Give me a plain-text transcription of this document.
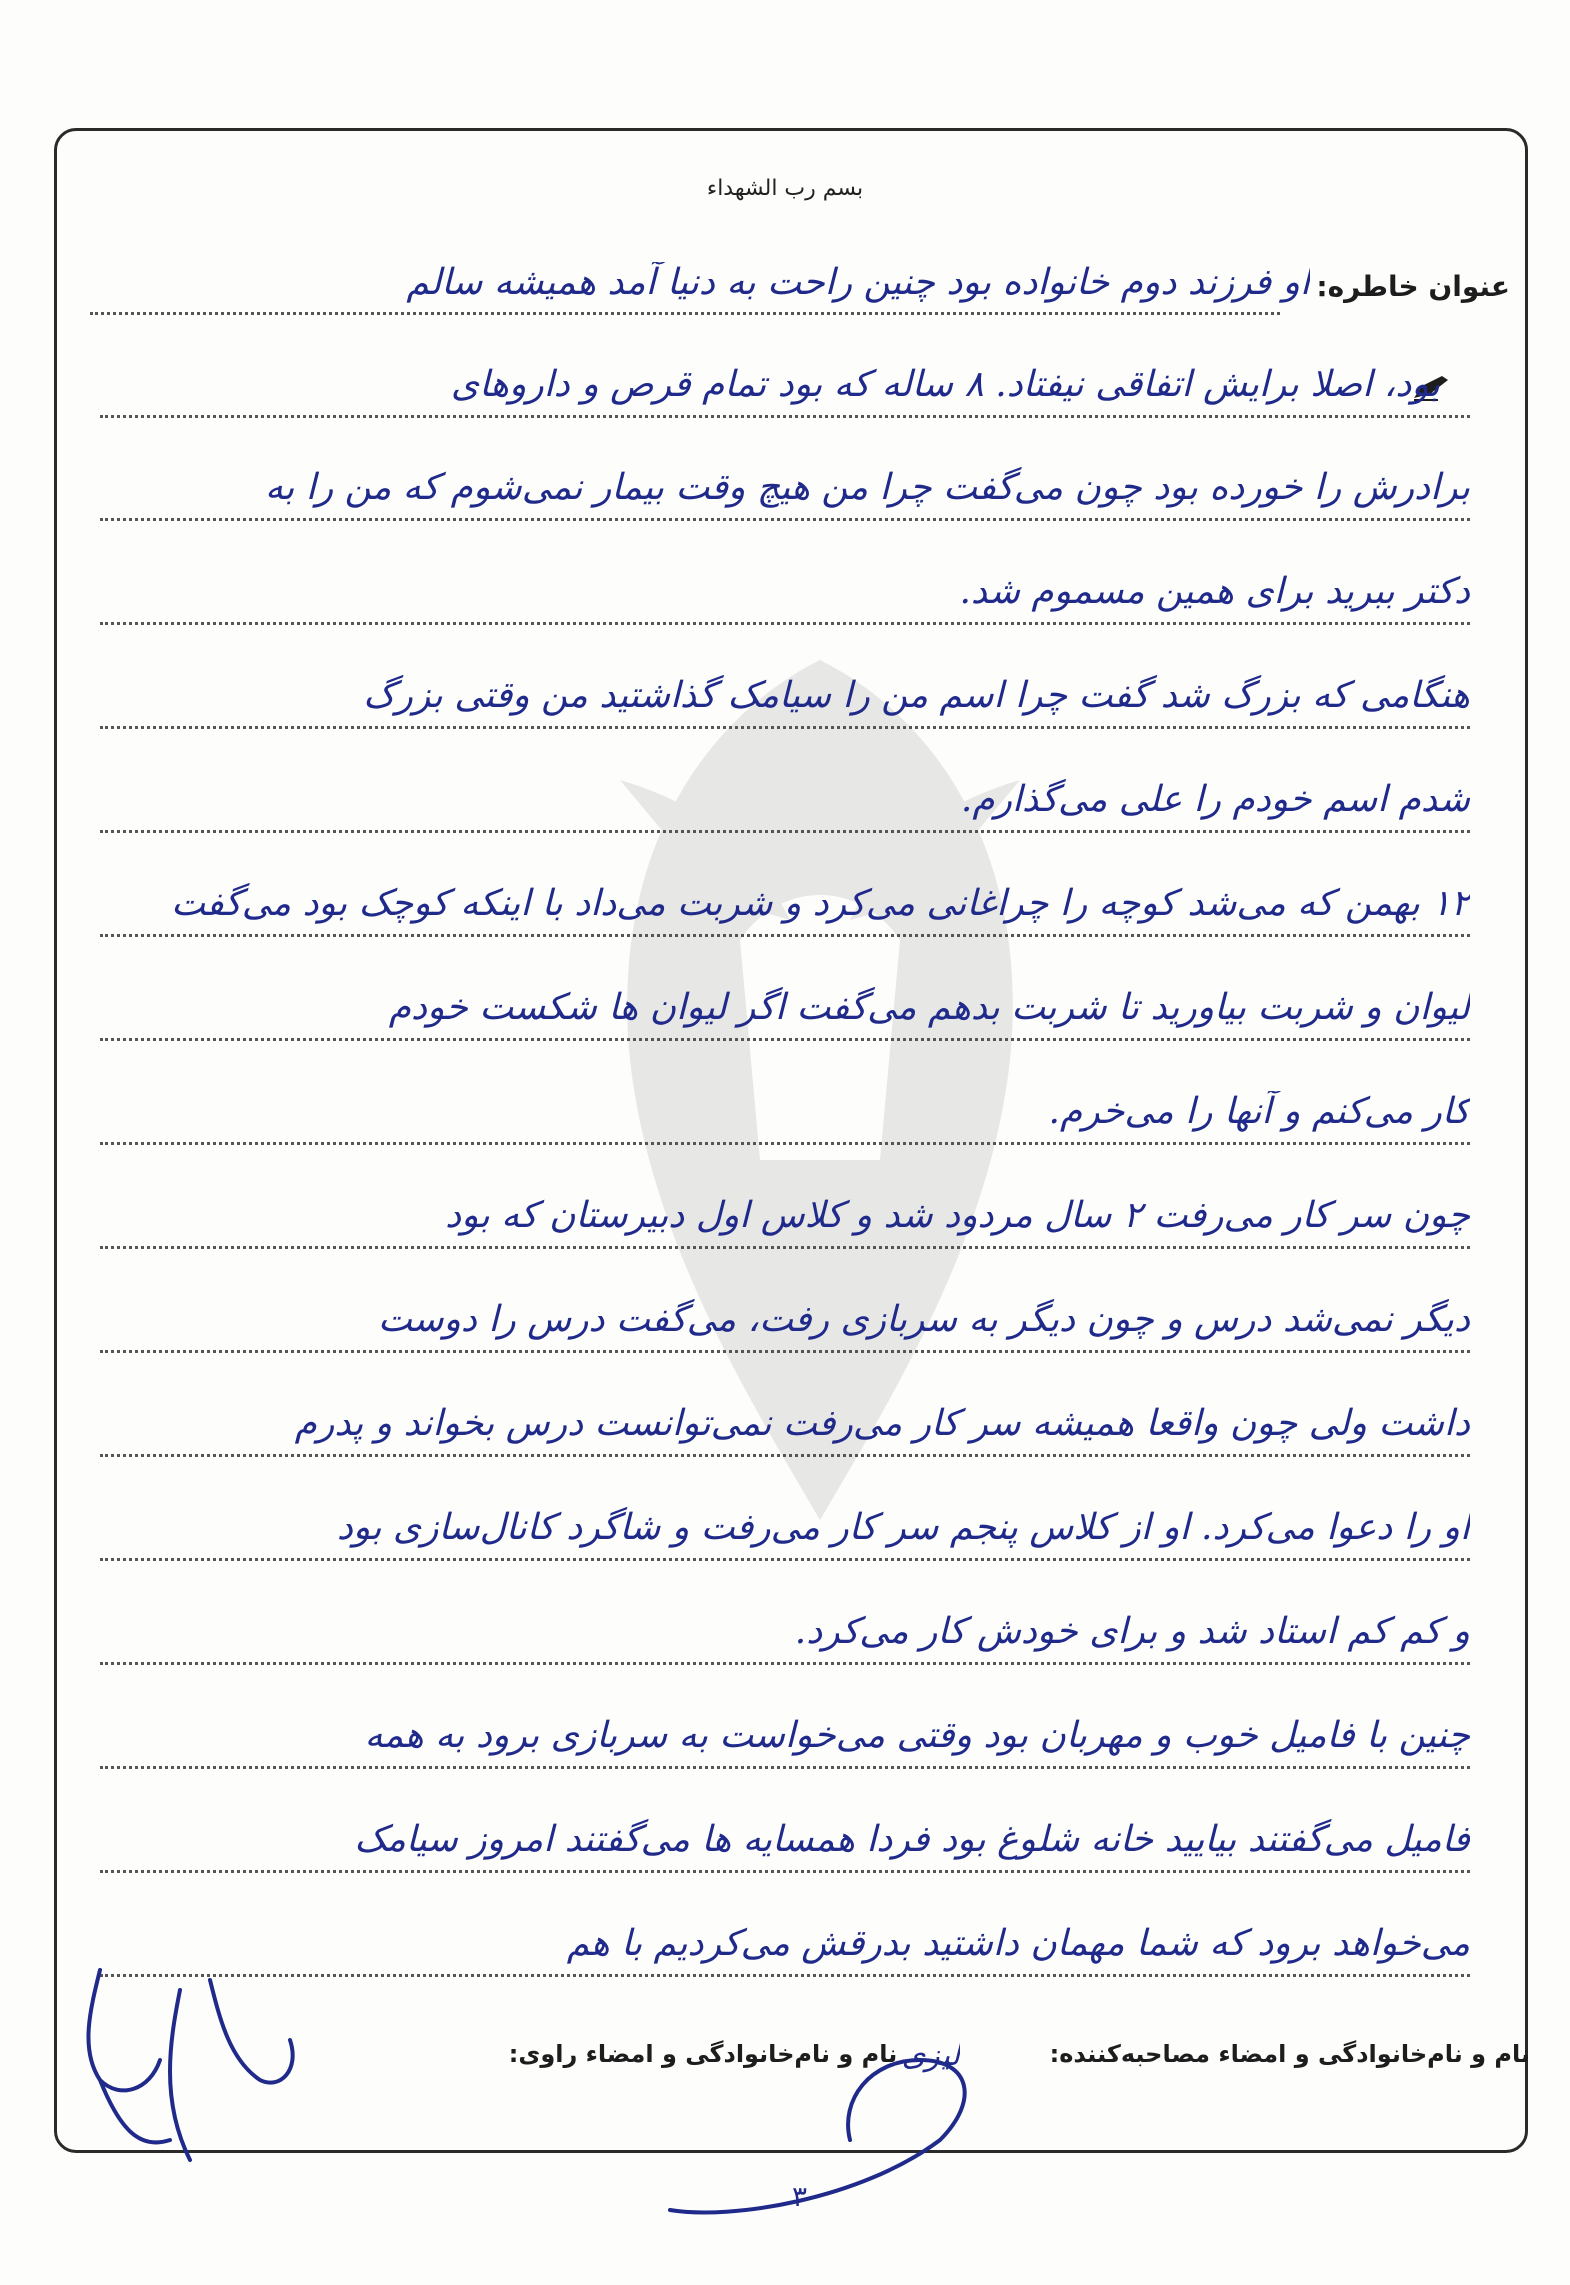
بسم رب الشهداء
عنوان خاطره:
او فرزند دوم خانواده بود چنین راحت به دنیا آمد همیشه سالم
بود، اصلا برایش اتفاقی نیفتاد. ۸ ساله که بود تمام قرص و داروهای
برادرش را خورده بود چون می‌گفت چرا من هیچ وقت بیمار نمی‌شوم که من را به
دکتر ببرید برای همین مسموم شد.
هنگامی که بزرگ شد گفت چرا اسم من را سیامک گذاشتید من وقتی بزرگ
شدم اسم خودم را علی می‌گذارم.
۱۲ بهمن که می‌شد کوچه را چراغانی می‌کرد و شربت می‌داد با اینکه کوچک بود می‌گفت
لیوان و شربت بیاورید تا شربت بدهم می‌گفت اگر لیوان ها شکست خودم
کار می‌کنم و آنها را می‌خرم.
چون سر کار می‌رفت ۲ سال مردود شد و کلاس اول دبیرستان که بود
دیگر نمی‌شد درس و چون دیگر به سربازی رفت، می‌گفت درس را دوست
داشت ولی چون واقعا همیشه سر کار می‌رفت نمی‌توانست درس بخواند و پدرم
او را دعوا می‌کرد. او از کلاس پنجم سر کار می‌رفت و شاگرد کانال‌سازی بود
و کم کم استاد شد و برای خودش کار می‌کرد.
چنین با فامیل خوب و مهربان بود وقتی می‌خواست به سربازی برود به همه
فامیل می‌گفتند بیایید خانه شلوغ بود فردا همسایه ها می‌گفتند امروز سیامک
می‌خواهد برود که شما مهمان داشتید بدرقش می‌کردیم با هم
نام و نام‌خانوادگی و امضاء مصاحبه‌کننده: نام و نام‌خانوادگی و امضاء راوی: لیزی
۳
